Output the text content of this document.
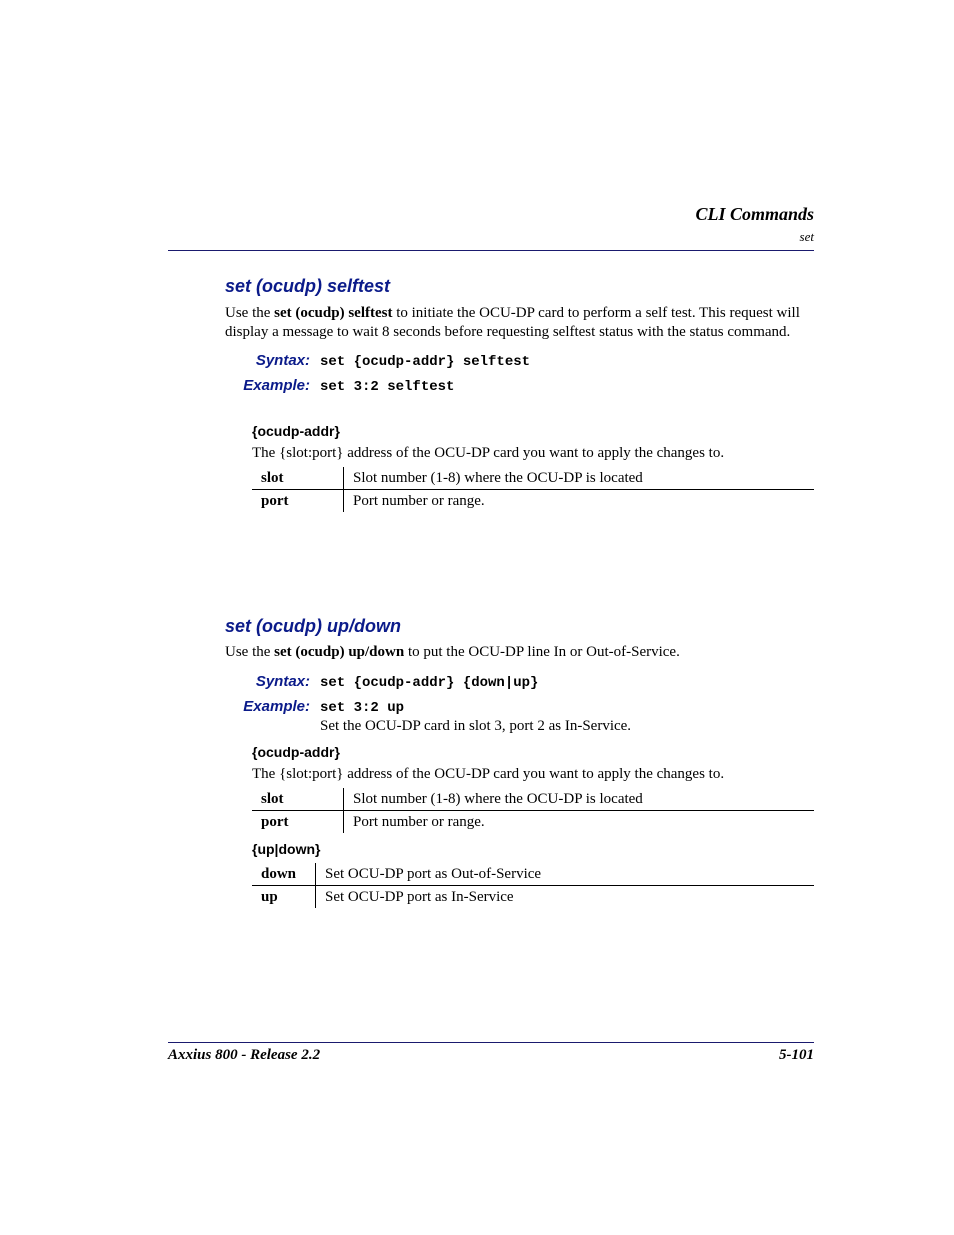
CLI Commands
set
set (ocudp) selftest
Use the set (ocudp) selftest to initiate the OCU-DP card to perform a self test. This request will
display a message to wait 8 seconds before requesting selftest status with the status command.
Syntax: set {ocudp-addr} selftest
Example: set 3:2 selftest
{ocudp-addr}
The {slot:port} address of the OCU-DP card you want to apply the changes to.
slot	Slot number (1-8) where the OCU-DP is located
port	Port number or range.
set (ocudp) up/down
Use the set (ocudp) up/down to put the OCU-DP line In or Out-of-Service.
Syntax: set {ocudp-addr} {down|up}
Example: set 3:2 up
Set the OCU-DP card in slot 3, port 2 as In-Service.
{ocudp-addr}
The {slot:port} address of the OCU-DP card you want to apply the changes to.
slot	Slot number (1-8) where the OCU-DP is located
port	Port number or range.
{up|down}
down	Set OCU-DP port as Out-of-Service
up	Set OCU-DP port as In-Service
Axxius 800 - Release 2.2	5-101
